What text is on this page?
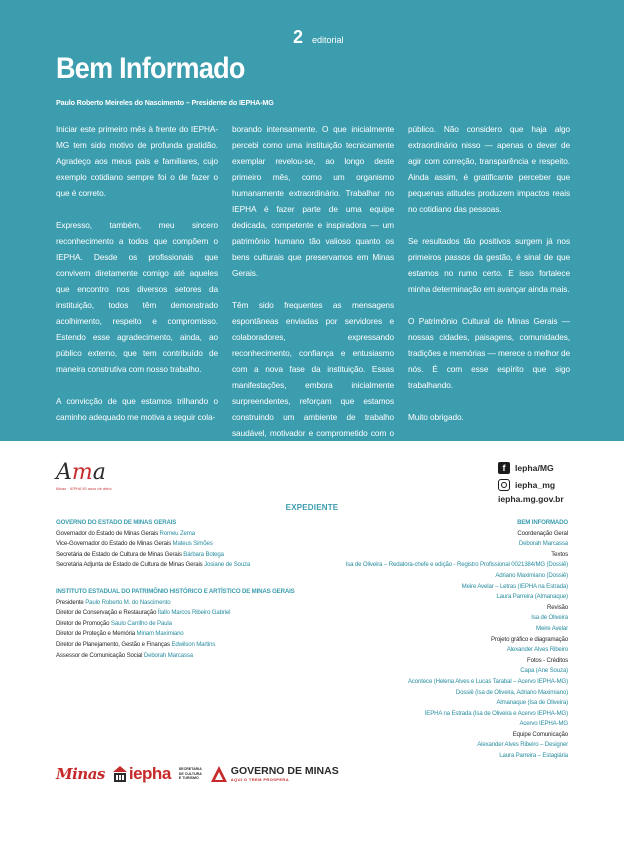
2 editorial
Bem Informado
Paulo Roberto Meireles do Nascimento – Presidente do IEPHA-MG

Iniciar este primeiro mês à frente do IEPHA-MG tem sido motivo de profunda gratidão. Agradeço aos meus pais e familiares, cujo exemplo cotidiano sempre foi o de fazer o que é correto.

Expresso, também, meu sincero reconhecimento a todos que compõem o IEPHA. Desde os profissionais que convivem diretamente comigo até aqueles que encontro nos diversos setores da instituição, todos têm demonstrado acolhimento, respeito e compromisso. Estendo esse agradecimento, ainda, ao público externo, que tem contribuído de maneira construtiva com nosso trabalho.

A convicção de que estamos trilhando o caminho adequado me motiva a seguir cola-

borando intensamente. O que inicialmente percebi como uma instituição tecnicamente exemplar revelou-se, ao longo deste primeiro mês, como um organismo humanamente extraordinário. Trabalhar no IEPHA é fazer parte de uma equipe dedicada, competente e inspiradora — um patrimônio humano tão valioso quanto os bens culturais que preservamos em Minas Gerais.

Têm sido frequentes as mensagens espontâneas enviadas por servidores e colaboradores, expressando reconhecimento, confiança e entusiasmo com a nova fase da instituição. Essas manifestações, embora inicialmente surpreendentes, reforçam que estamos construindo um ambiente de trabalho saudável, motivador e comprometido com o interesse

público. Não considero que haja algo extraordinário nisso — apenas o dever de agir com correção, transparência e respeito. Ainda assim, é gratificante perceber que pequenas atitudes produzem impactos reais no cotidiano das pessoas.

Se resultados tão positivos surgem já nos primeiros passos da gestão, é sinal de que estamos no rumo certo. E isso fortalece minha determinação em avançar ainda mais.

O Patrimônio Cultural de Minas Gerais — nossas cidades, paisagens, comunidades, tradições e memórias — merece o melhor de nós. É com esse espírito que sigo trabalhando.

Muito obrigado.

Ama
Minas · IEPHA 50 anos de afeto
f	Iepha/MG
iepha_mg
iepha.mg.gov.br
EXPEDIENTE
GOVERNO DO ESTADO DE MINAS GERAIS
Governador do Estado de Minas Gerais Romeu Zema
Vice-Governador do Estado de Minas Gerais Mateus Simões
Secretária de Estado de Cultura de Minas Gerais Bárbara Botega
Secretária Adjunta de Estado de Cultura de Minas Gerais Josiane de Souza
INSTITUTO ESTADUAL DO PATRIMÔNIO HISTÓRICO E ARTÍSTICO DE MINAS GERAIS
Presidente Paulo Roberto M. do Nascimento
Diretor de Conservação e Restauração Ítallo Marcos Ribeiro Gabriel
Diretor de Promoção Saulo Carrilho de Paula
Diretor de Proteção e Memória Miriam Maximiano
Diretor de Planejamento, Gestão e Finanças Edwilson Martins
Assessor de Comunicação Social Deborah Marcassa
BEM INFORMADO
Coordenação Geral
Deborah Marcassa
Textos
Isa de Oliveira – Redatora-chefe e edição - Registro Profissional 0021384/MG (Dossiê)
Adriano Maximiano (Dossiê)
Meire Avelar – Letras (IEPHA na Estrada)
Laura Parreira (Almanaque)
Revisão
Isa de Oliveira
Meire Avelar
Projeto gráfico e diagramação
Alexander Alves Ribeiro
Fotos - Créditos
Capa (Ane Souza)
Acontece (Helena Alves e Lucas Tarabal – Acervo IEPHA-MG)
Dossiê (Isa de Oliveira, Adriano Maximiano)
Almanaque (Isa de Oliveira)
IEPHA na Estrada (Isa de Oliveira e Acervo IEPHA-MG)
Acervo IEPHA-MG
Equipe Comunicação
Alexander Alves Ribeiro – Designer
Laura Parreira – Estagiária
Minas iepha SECRETARIA DE CULTURA E TURISMO
GOVERNO DE MINAS
AQUI O TREM PROSPERA
